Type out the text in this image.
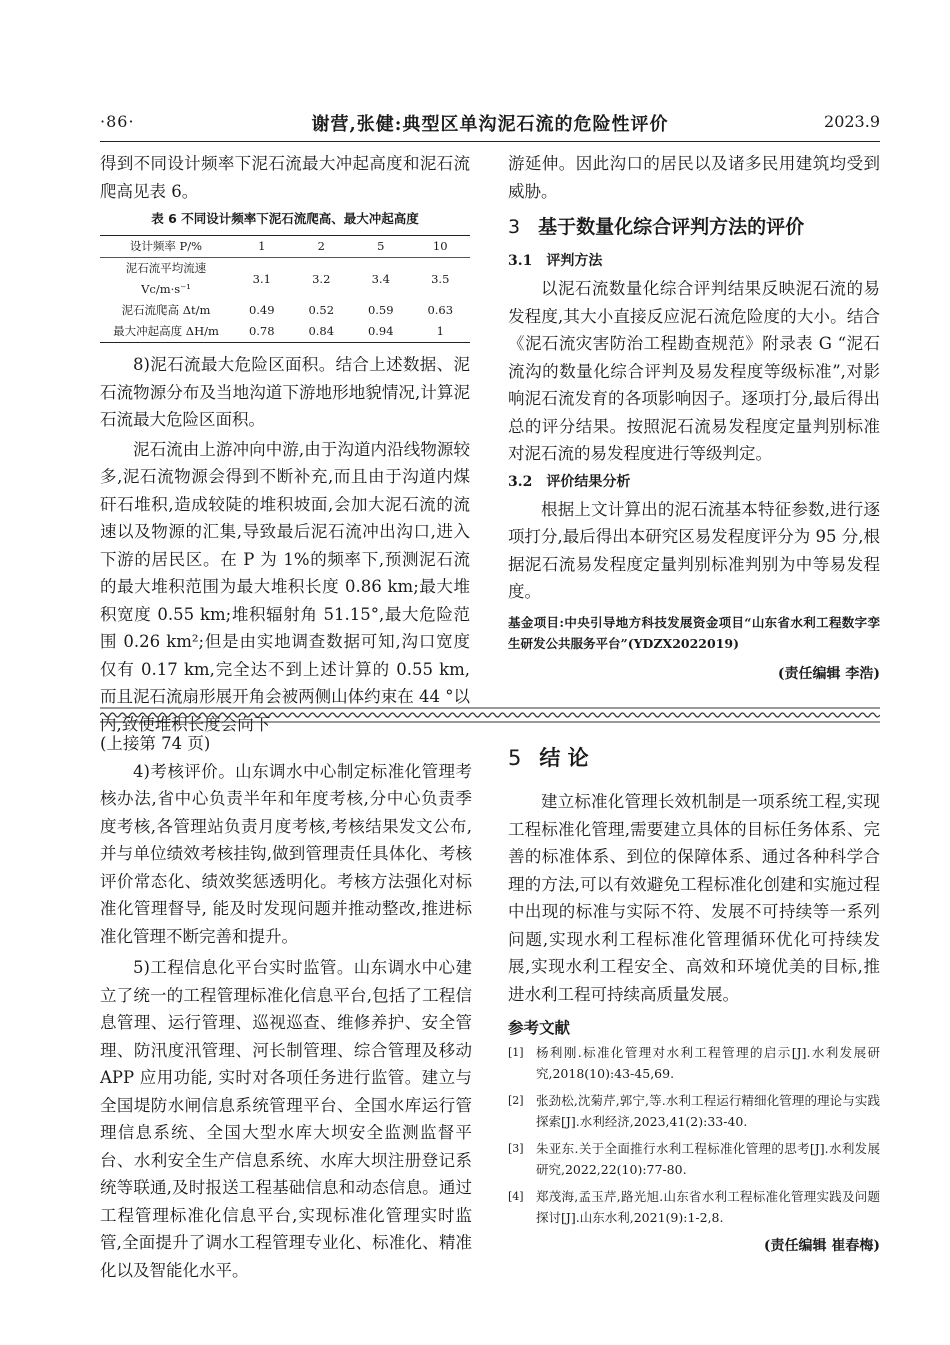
·86·	谢营,张健:典型区单沟泥石流的危险性评价	2023.9

得到不同设计频率下泥石流最大冲起高度和泥石流爬高见表 6。

表 6 不同设计频率下泥石流爬高、最大冲起高度
设计频率 P/%	1	2	5	10
泥石流平均流速 Vc/m·s⁻¹	3.1	3.2	3.4	3.5
泥石流爬高 Δt/m	0.49	0.52	0.59	0.63
最大冲起高度 ΔH/m	0.78	0.84	0.94	1

8)泥石流最大危险区面积。结合上述数据、泥石流物源分布及当地沟道下游地形地貌情况,计算泥石流最大危险区面积。

泥石流由上游冲向中游,由于沟道内沿线物源较多,泥石流物源会得到不断补充,而且由于沟道内煤矸石堆积,造成较陡的堆积坡面,会加大泥石流的流速以及物源的汇集,导致最后泥石流冲出沟口,进入下游的居民区。在 P 为 1%的频率下,预测泥石流的最大堆积范围为最大堆积长度 0.86 km;最大堆积宽度 0.55 km;堆积辐射角 51.15°,最大危险范围 0.26 km²;但是由实地调查数据可知,沟口宽度仅有 0.17 km,完全达不到上述计算的 0.55 km, 而且泥石流扇形展开角会被两侧山体约束在 44 °以内,致使堆积长度会向下

游延伸。因此沟口的居民以及诸多民用建筑均受到威胁。

3 基于数量化综合评判方法的评价
3.1 评判方法

以泥石流数量化综合评判结果反映泥石流的易发程度,其大小直接反应泥石流危险度的大小。结合《泥石流灾害防治工程勘查规范》附录表 G “泥石流沟的数量化综合评判及易发程度等级标准”,对影响泥石流发育的各项影响因子。逐项打分,最后得出总的评分结果。按照泥石流易发程度定量判别标准对泥石流的易发程度进行等级判定。

3.2 评价结果分析

根据上文计算出的泥石流基本特征参数,进行逐项打分,最后得出本研究区易发程度评分为 95 分,根据泥石流易发程度定量判别标准判别为中等易发程度。

基金项目:中央引导地方科技发展资金项目“山东省水利工程数字孪生研发公共服务平台”(YDZX2022019)
(责任编辑 李浩)

(上接第 74 页)

4)考核评价。山东调水中心制定标准化管理考核办法,省中心负责半年和年度考核,分中心负责季度考核,各管理站负责月度考核,考核结果发文公布,并与单位绩效考核挂钩,做到管理责任具体化、考核评价常态化、绩效奖惩透明化。考核方法强化对标准化管理督导, 能及时发现问题并推动整改,推进标准化管理不断完善和提升。

5)工程信息化平台实时监管。山东调水中心建立了统一的工程管理标准化信息平台,包括了工程信息管理、运行管理、巡视巡查、维修养护、安全管理、防汛度汛管理、河长制管理、综合管理及移动 APP 应用功能, 实时对各项任务进行监管。建立与全国堤防水闸信息系统管理平台、全国水库运行管理信息系统、全国大型水库大坝安全监测监督平台、水利安全生产信息系统、水库大坝注册登记系统等联通,及时报送工程基础信息和动态信息。通过工程管理标准化信息平台,实现标准化管理实时监管,全面提升了调水工程管理专业化、标准化、精准化以及智能化水平。

5 结 论

建立标准化管理长效机制是一项系统工程,实现工程标准化管理,需要建立具体的目标任务体系、完善的标准体系、到位的保障体系、通过各种科学合理的方法,可以有效避免工程标准化创建和实施过程中出现的标准与实际不符、发展不可持续等一系列问题,实现水利工程标准化管理循环优化可持续发展,实现水利工程安全、高效和环境优美的目标,推进水利工程可持续高质量发展。

参考文献
[1] 杨利刚.标准化管理对水利工程管理的启示[J].水利发展研究,2018(10):43-45,69.
[2] 张劲松,沈菊芹,郭宁,等.水利工程运行精细化管理的理论与实践探索[J].水利经济,2023,41(2):33-40.
[3] 朱亚东.关于全面推行水利工程标准化管理的思考[J].水利发展研究,2022,22(10):77-80.
[4] 郑茂海,孟玉芹,路光旭.山东省水利工程标准化管理实践及问题探讨[J].山东水利,2021(9):1-2,8.
(责任编辑 崔春梅)
